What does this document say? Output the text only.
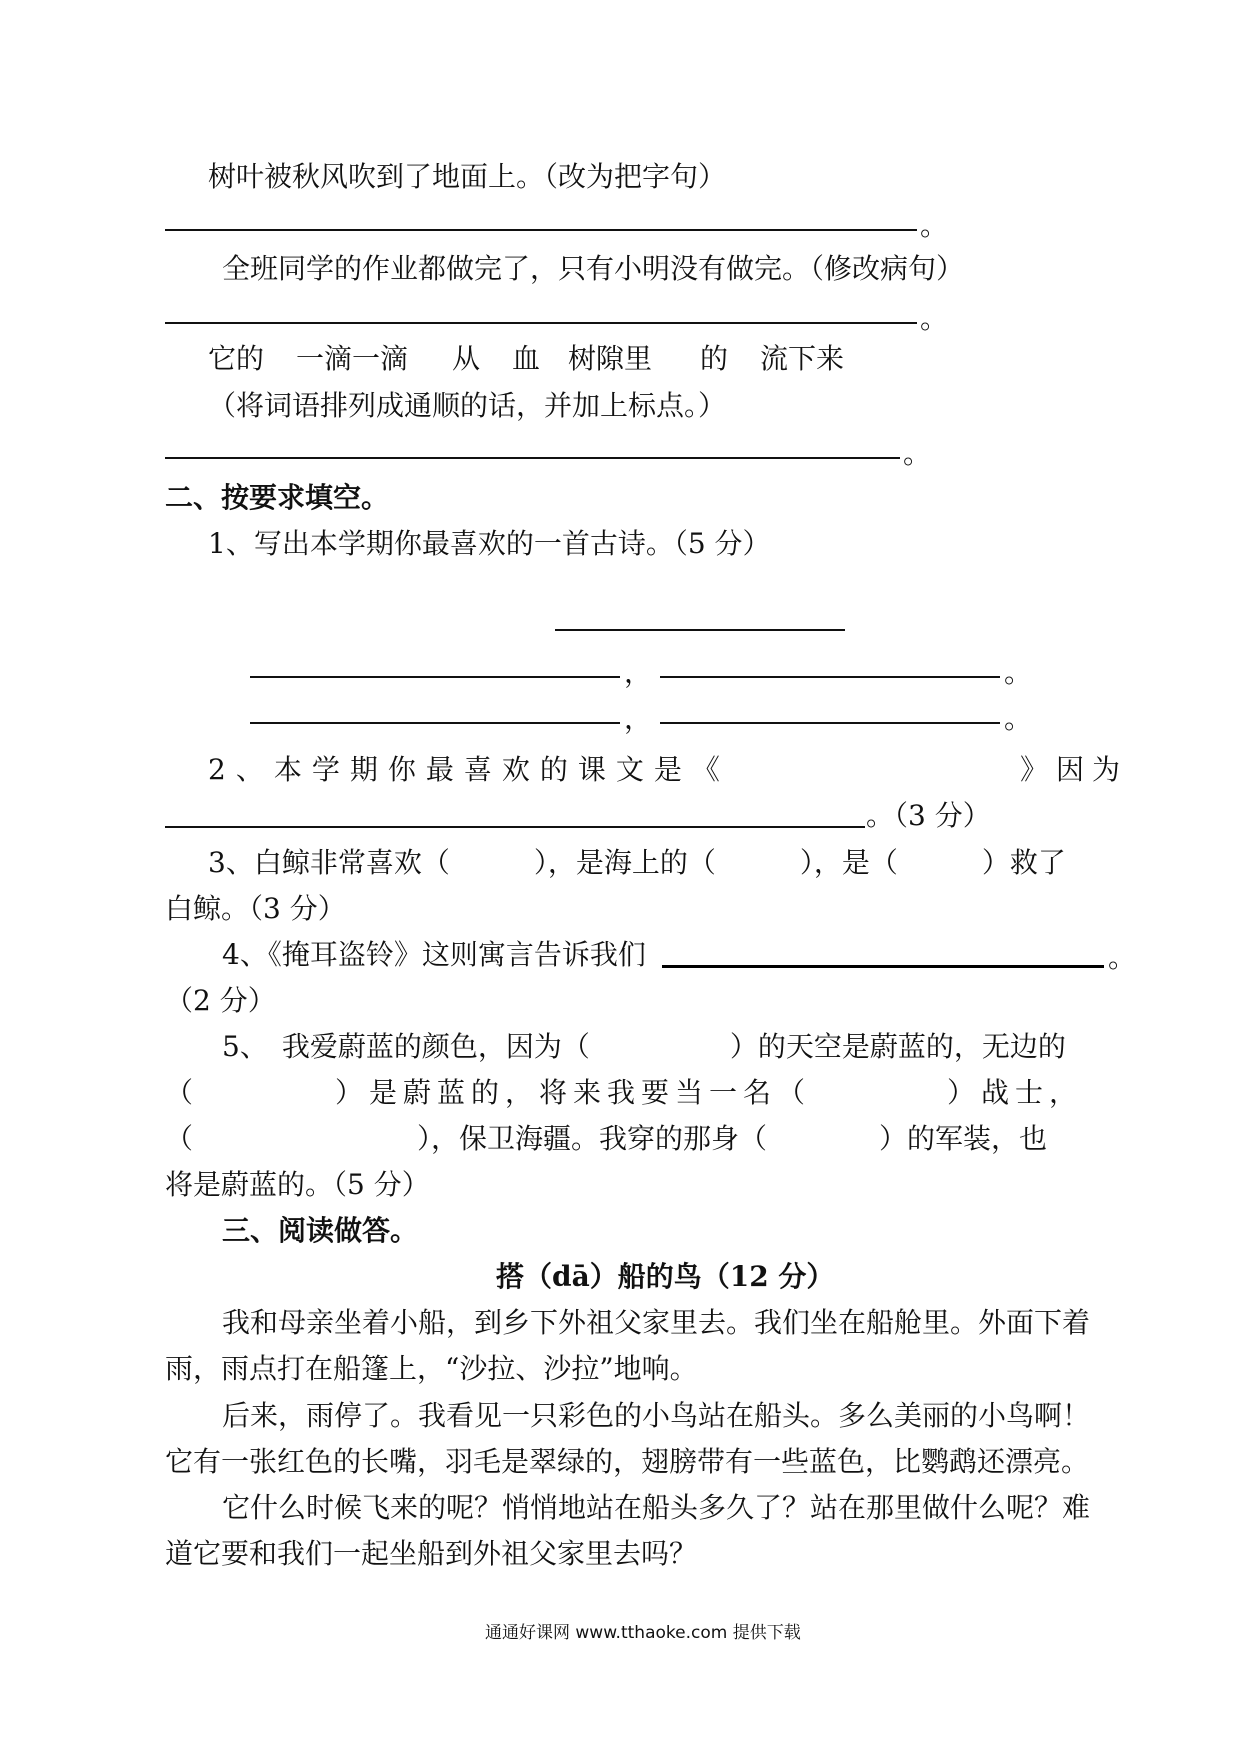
树叶被秋风吹到了地面上。（改为把字句）
。
全班同学的作业都做完了，只有小明没有做完。（修改病句）
。
它的 一滴一滴 从 血 树隙里 的 流下来
（将词语排列成通顺的话，并加上标点。）
。
二、按要求填空。
1、写出本学期你最喜欢的一首古诗。（5 分）
，	。
，	。
2、本学期你最喜欢的课文是《	》因为
。（3 分）
3、白鲸非常喜欢（　　　），是海上的（　　　），是（　　　）救了
白鲸。（3 分）
4、《掩耳盗铃》这则寓言告诉我们	。
（2 分）
5、　我爱蔚蓝的颜色，因为（　　　　　）的天空是蔚蓝的，无边的
（　　　　）是蔚蓝的，将来我要当一名（　　　　）战士，
（　　　　　　　　），保卫海疆。我穿的那身（　　　　）的军装，也
将是蔚蓝的。（5 分）
三、阅读做答。
搭（dā）船的鸟（12 分）
我和母亲坐着小船，到乡下外祖父家里去。我们坐在船舱里。外面下着
雨，雨点打在船篷上，“沙拉、沙拉”地响。
后来，雨停了。我看见一只彩色的小鸟站在船头。多么美丽的小鸟啊！
它有一张红色的长嘴，羽毛是翠绿的，翅膀带有一些蓝色，比鹦鹉还漂亮。
它什么时候飞来的呢？悄悄地站在船头多久了？站在那里做什么呢？难
道它要和我们一起坐船到外祖父家里去吗？
通通好课网 www.tthaoke.com 提供下载
